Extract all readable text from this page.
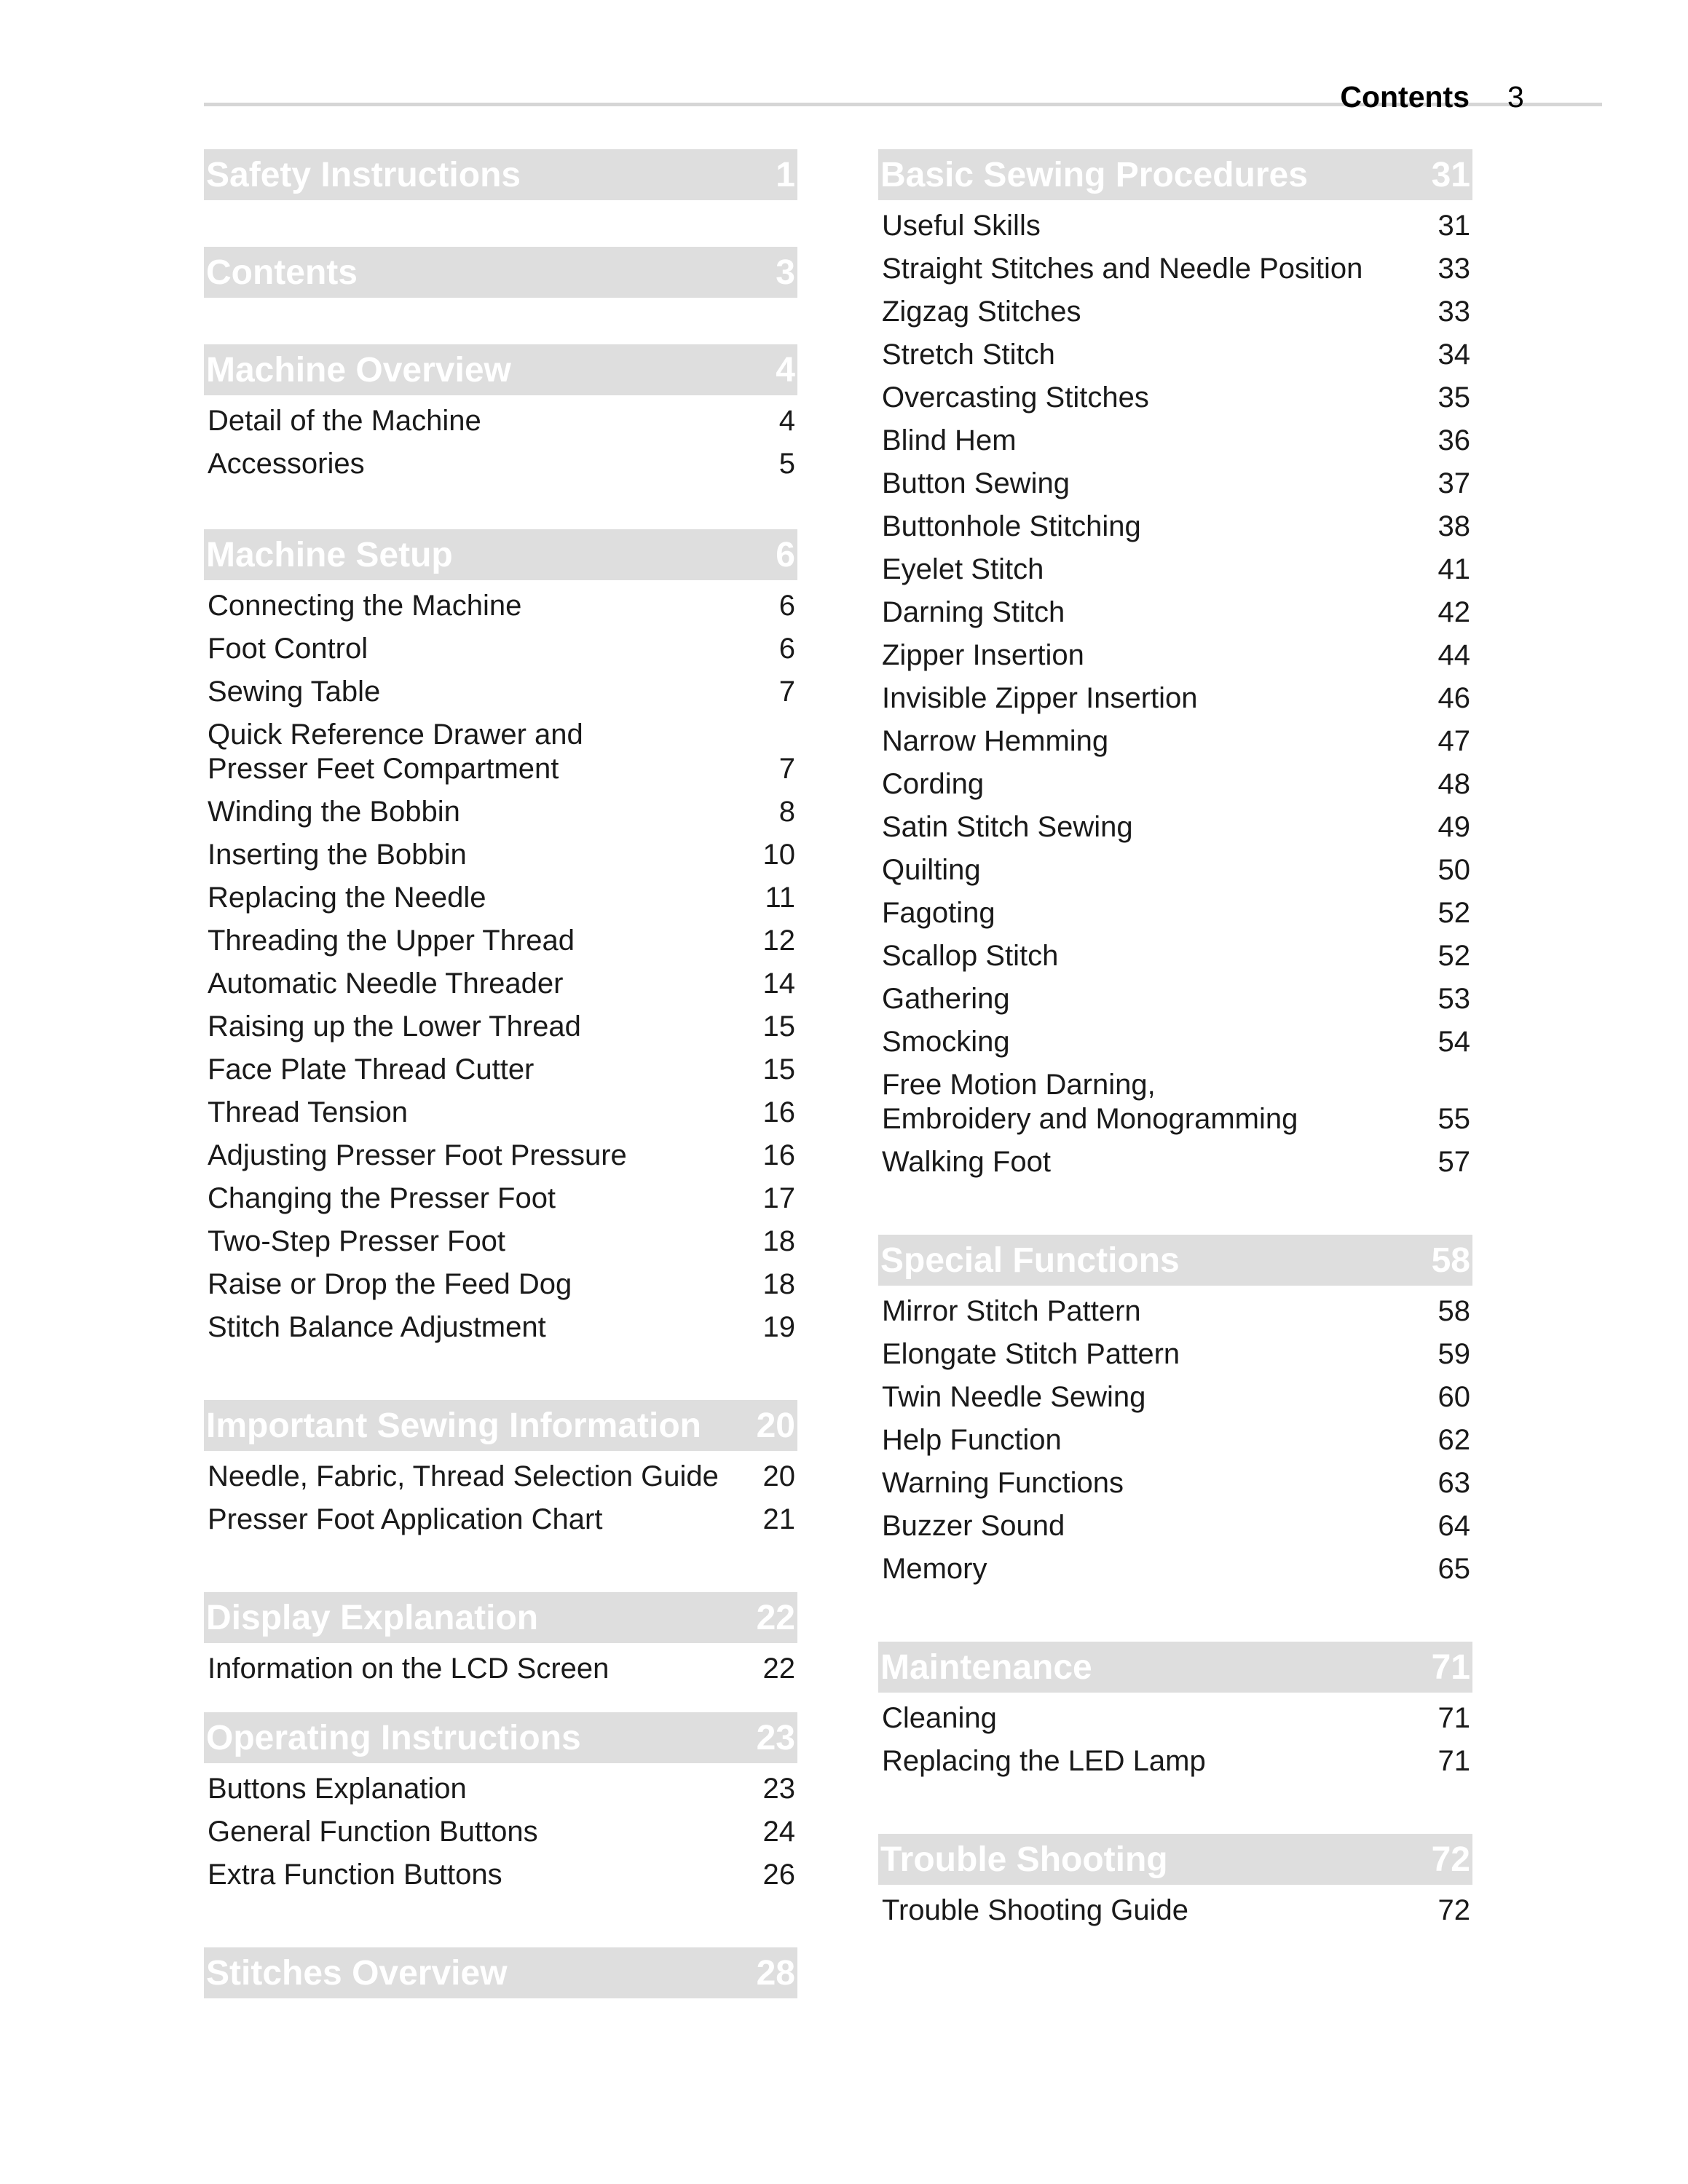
Contents 3
Safety Instructions	1
Contents	3
Machine Overview	4
Detail of the Machine	4
Accessories	5
Machine Setup	6
Connecting the Machine	6
Foot Control	6
Sewing Table	7
Quick Reference Drawer and
Presser Feet Compartment	7
Winding the Bobbin	8
Inserting the Bobbin	10
Replacing the Needle	11
Threading the Upper Thread	12
Automatic Needle Threader	14
Raising up the Lower Thread	15
Face Plate Thread Cutter	15
Thread Tension	16
Adjusting Presser Foot Pressure	16
Changing the Presser Foot	17
Two-Step Presser Foot	18
Raise or Drop the Feed Dog	18
Stitch Balance Adjustment	19
Important Sewing Information 20
Needle, Fabric, Thread Selection Guide	20
Presser Foot Application Chart	21
Display Explanation	22
Information on the LCD Screen	22
Operating Instructions	23
Buttons Explanation	23
General Function Buttons	24
Extra Function Buttons	26
Stitches Overview	28
Basic Sewing Procedures	31
Useful Skills	31
Straight Stitches and Needle Position	33
Zigzag Stitches	33
Stretch Stitch	34
Overcasting Stitches	35
Blind Hem	36
Button Sewing	37
Buttonhole Stitching	38
Eyelet Stitch	41
Darning Stitch	42
Zipper Insertion	44
Invisible Zipper Insertion	46
Narrow Hemming	47
Cording	48
Satin Stitch Sewing	49
Quilting	50
Fagoting	52
Scallop Stitch	52
Gathering	53
Smocking	54
Free Motion Darning,
Embroidery and Monogramming	55
Walking Foot	57
Special Functions	58
Mirror Stitch Pattern	58
Elongate Stitch Pattern	59
Twin Needle Sewing	60
Help Function	62
Warning Functions	63
Buzzer Sound	64
Memory	65
Maintenance	71
Cleaning	71
Replacing the LED Lamp	71
Trouble Shooting	72
Trouble Shooting Guide	72
